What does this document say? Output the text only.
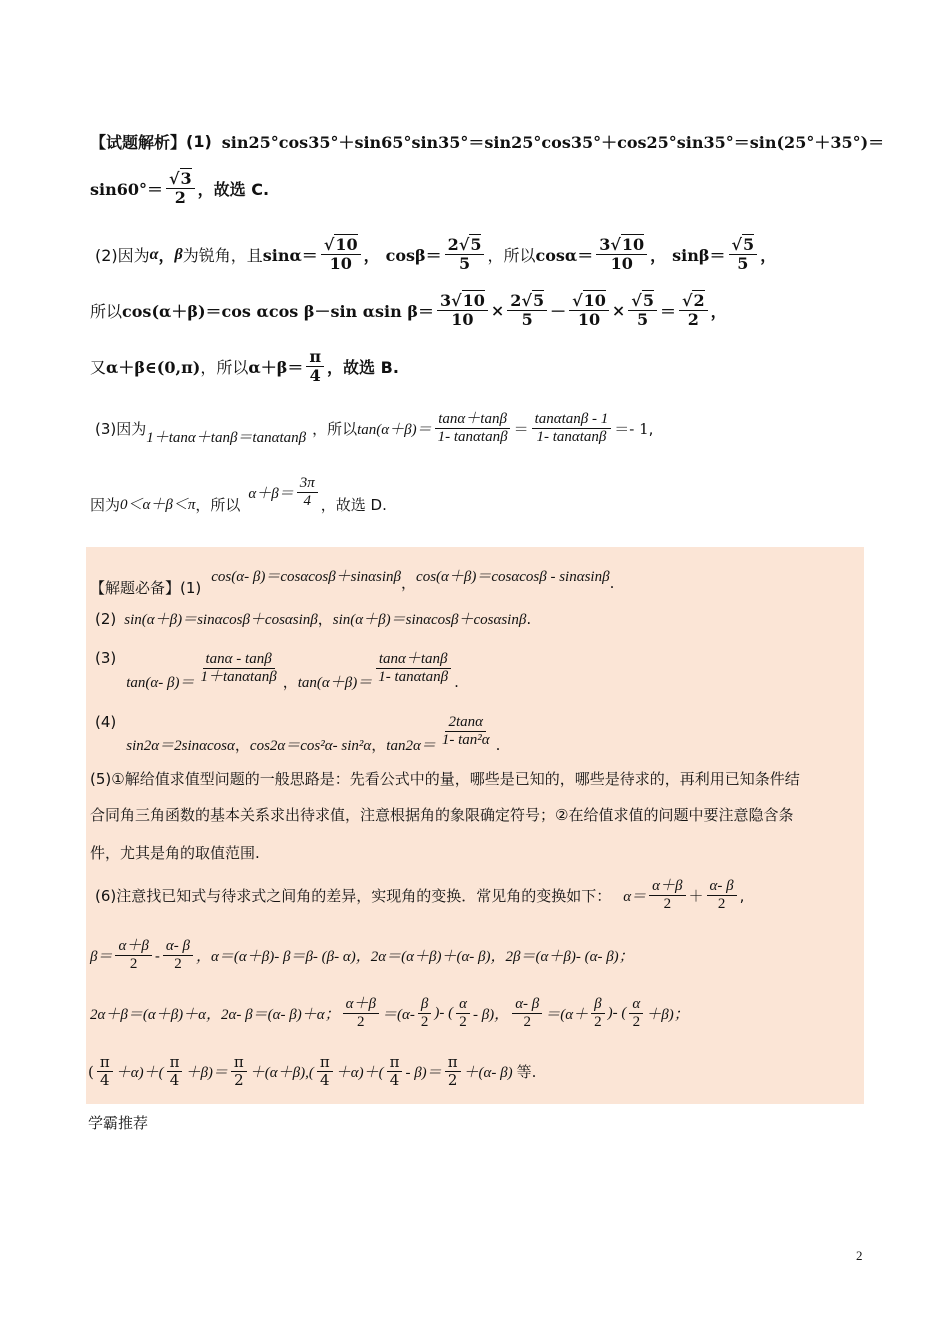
【试题解析】 (1) sin25°cos35°＋sin65°sin35°＝sin25°cos35°＋cos25°sin35°＝sin(25°＋35°)＝
$\sin 60^\circ= \frac{√3}{2}$ ，故选 C.
(2)因为 α ， β 为锐角，且 $\sin\alpha= \frac{√10}{10}$ ， $\cos\beta= \frac{2√5}{5}$ ，所以 $\cos\alpha= \frac{3√10}{10}$ ， $\sin\beta= \frac{√5}{5}$ ，
所以 cos(α＋β)＝cos αcos β－sin αsin $\beta= \frac{3√10}{10} \times \frac{2√5}{5} - \frac{√10}{10} \times \frac{√5}{5} = \frac{√2}{2}$ ，
又 α＋β∈(0,π) ，所以 $\alpha+\beta= \frac{\pi}{4}$ ，故选 B.
(3)因为 1＋tanα＋tanβ＝tanαtanβ ，所以 $\tan(\alpha+\beta)= \frac{\tan\alpha+\tan\beta}{1- \tan\alpha\tan\beta} = \frac{\tan\alpha\tan\beta - 1}{1- \tan\alpha\tan\beta} =- 1$ ,
因为 0＜α＋β＜π ，所以
$\alpha+\beta= \frac{3\pi}{4}$ ，故选 D.
【解题必备】 (1)
cos(α- β)＝cosαcosβ＋sinαsinβ ， cos(α＋β)＝cosαcosβ - sinαsinβ .
(2) sin(α＋β)＝sinαcosβ＋cosαsinβ ， sin(α＋β)＝sinαcosβ＋cosαsinβ .
(3)
tan(α- $\beta)= \frac{\tan\alpha - \tan\beta}{1+\tan\alpha\tan\beta}$ ， $\tan(\alpha+\beta)= \frac{\tan\alpha+\tan\beta}{1- \tan\alpha\tan\beta}$ .
(4)
sin2α＝2sinαcosα ， cos2α＝cos²α- sin²α ， $\tan 2\alpha= \frac{2\tan\alpha}{\text{1- tan²α}}$ .
(5)①解给值求值型问题的一般思路是：先看公式中的量，哪些是已知的，哪些是待求的，再利用已知条件结
合同角三角函数的基本关系求出待求值，注意根据角的象限确定符号；②在给值求值的问题中要注意隐含条
件，尤其是角的取值范围.
(6)注意找已知式与待求式之间角的差异，实现角的变换．常见角的变换如下： $\alpha= \frac{\alpha+\beta}{2} + \frac{\alpha- \beta}{2}$ ,
$\beta= \frac{\alpha+\beta}{2} - \frac{\alpha- \beta}{2}$ ，α＝(α＋β)- β＝β- (β- α)，2α＝(α＋β)＋(α- β)，2β＝(α＋β)- (α- β)；
2α＋β＝(α＋β)＋α，2α- β＝(α- β)＋α； $\frac{\alpha+\beta}{2} =(\alpha- \frac{\beta}{2}$ )- ( $\frac{\alpha}{2} - \beta$)， $\frac{\alpha- \beta}{2} =(\alpha+ \frac{\beta}{2}$ )- ( $\frac{\alpha}{2} +\beta$)；
( $\frac{\pi}{4} +\alpha)+( \frac{\pi}{4} +\beta)= \frac{\pi}{2} +(\alpha+\beta),( \frac{\pi}{4} +\alpha)+( \frac{\pi}{4} - \beta)= \frac{\pi}{2} +(\alpha-$ β) 等.
学霸推荐
2
